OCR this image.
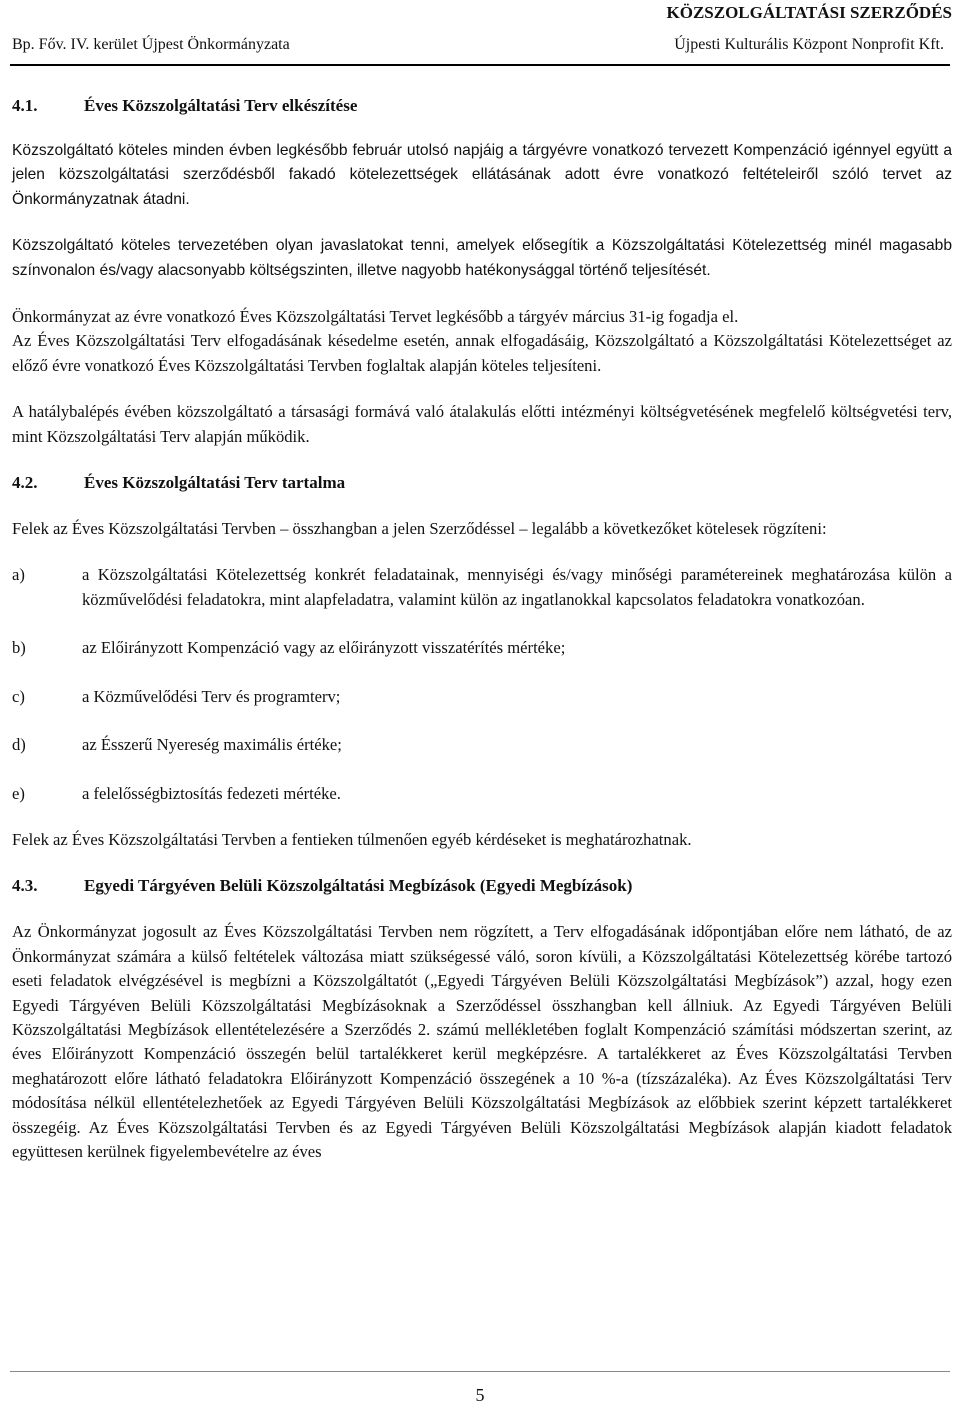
KÖZSZOLGÁLTATÁSI SZERZŐDÉS
Bp. Főv. IV. kerület Újpest Önkormányzata	Újpesti Kulturális Központ Nonprofit Kft.
4.1.	Éves Közszolgáltatási Terv elkészítése

Közszolgáltató köteles minden évben legkésőbb február utolsó napjáig a tárgyévre vonatkozó tervezett Kompenzáció igénnyel együtt a jelen közszolgáltatási szerződésből fakadó kötelezettségek ellátásának adott évre vonatkozó feltételeiről szóló tervet az Önkormányzatnak átadni.

Közszolgáltató köteles tervezetében olyan javaslatokat tenni, amelyek elősegítik a Közszolgáltatási Kötelezettség minél magasabb színvonalon és/vagy alacsonyabb költségszinten, illetve nagyobb hatékonysággal történő teljesítését.

Önkormányzat az évre vonatkozó Éves Közszolgáltatási Tervet legkésőbb a tárgyév március 31-ig fogadja el.

Az Éves Közszolgáltatási Terv elfogadásának késedelme esetén, annak elfogadásáig, Közszolgáltató a Közszolgáltatási Kötelezettséget az előző évre vonatkozó Éves Közszolgáltatási Tervben foglaltak alapján köteles teljesíteni.

A hatálybalépés évében közszolgáltató a társasági formává való átalakulás előtti intézményi költségvetésének megfelelő költségvetési terv, mint Közszolgáltatási Terv alapján működik.

4.2.	Éves Közszolgáltatási Terv tartalma

Felek az Éves Közszolgáltatási Tervben – összhangban a jelen Szerződéssel – legalább a következőket kötelesek rögzíteni:

a)	a Közszolgáltatási Kötelezettség konkrét feladatainak, mennyiségi és/vagy minőségi paramétereinek meghatározása külön a közművelődési feladatokra, mint alapfeladatra, valamint külön az ingatlanokkal kapcsolatos feladatokra vonatkozóan.
b)	az Előirányzott Kompenzáció vagy az előirányzott visszatérítés mértéke;
c)	a Közművelődési Terv és programterv;
d)	az Ésszerű Nyereség maximális értéke;
e)	a felelősségbiztosítás fedezeti mértéke.

Felek az Éves Közszolgáltatási Tervben a fentieken túlmenően egyéb kérdéseket is meghatározhatnak.

4.3.	Egyedi Tárgyéven Belüli Közszolgáltatási Megbízások (Egyedi Megbízások)

Az Önkormányzat jogosult az Éves Közszolgáltatási Tervben nem rögzített, a Terv elfogadásának időpontjában előre nem látható, de az Önkormányzat számára a külső feltételek változása miatt szükségessé váló, soron kívüli, a Közszolgáltatási Kötelezettség körébe tartozó eseti feladatok elvégzésével is megbízni a Közszolgáltatót („Egyedi Tárgyéven Belüli Közszolgáltatási Megbízások”) azzal, hogy ezen Egyedi Tárgyéven Belüli Közszolgáltatási Megbízásoknak a Szerződéssel összhangban kell állniuk. Az Egyedi Tárgyéven Belüli Közszolgáltatási Megbízások ellentételezésére a Szerződés 2. számú mellékletében foglalt Kompenzáció számítási módszertan szerint, az éves Előirányzott Kompenzáció összegén belül tartalékkeret kerül megképzésre. A tartalékkeret az Éves Közszolgáltatási Tervben meghatározott előre látható feladatokra Előirányzott Kompenzáció összegének a 10 %-a (tízszázaléka). Az Éves Közszolgáltatási Terv módosítása nélkül ellentételezhetőek az Egyedi Tárgyéven Belüli Közszolgáltatási Megbízások az előbbiek szerint képzett tartalékkeret összegéig. Az Éves Közszolgáltatási Tervben és az Egyedi Tárgyéven Belüli Közszolgáltatási Megbízások alapján kiadott feladatok együttesen kerülnek figyelembevételre az éves

5
